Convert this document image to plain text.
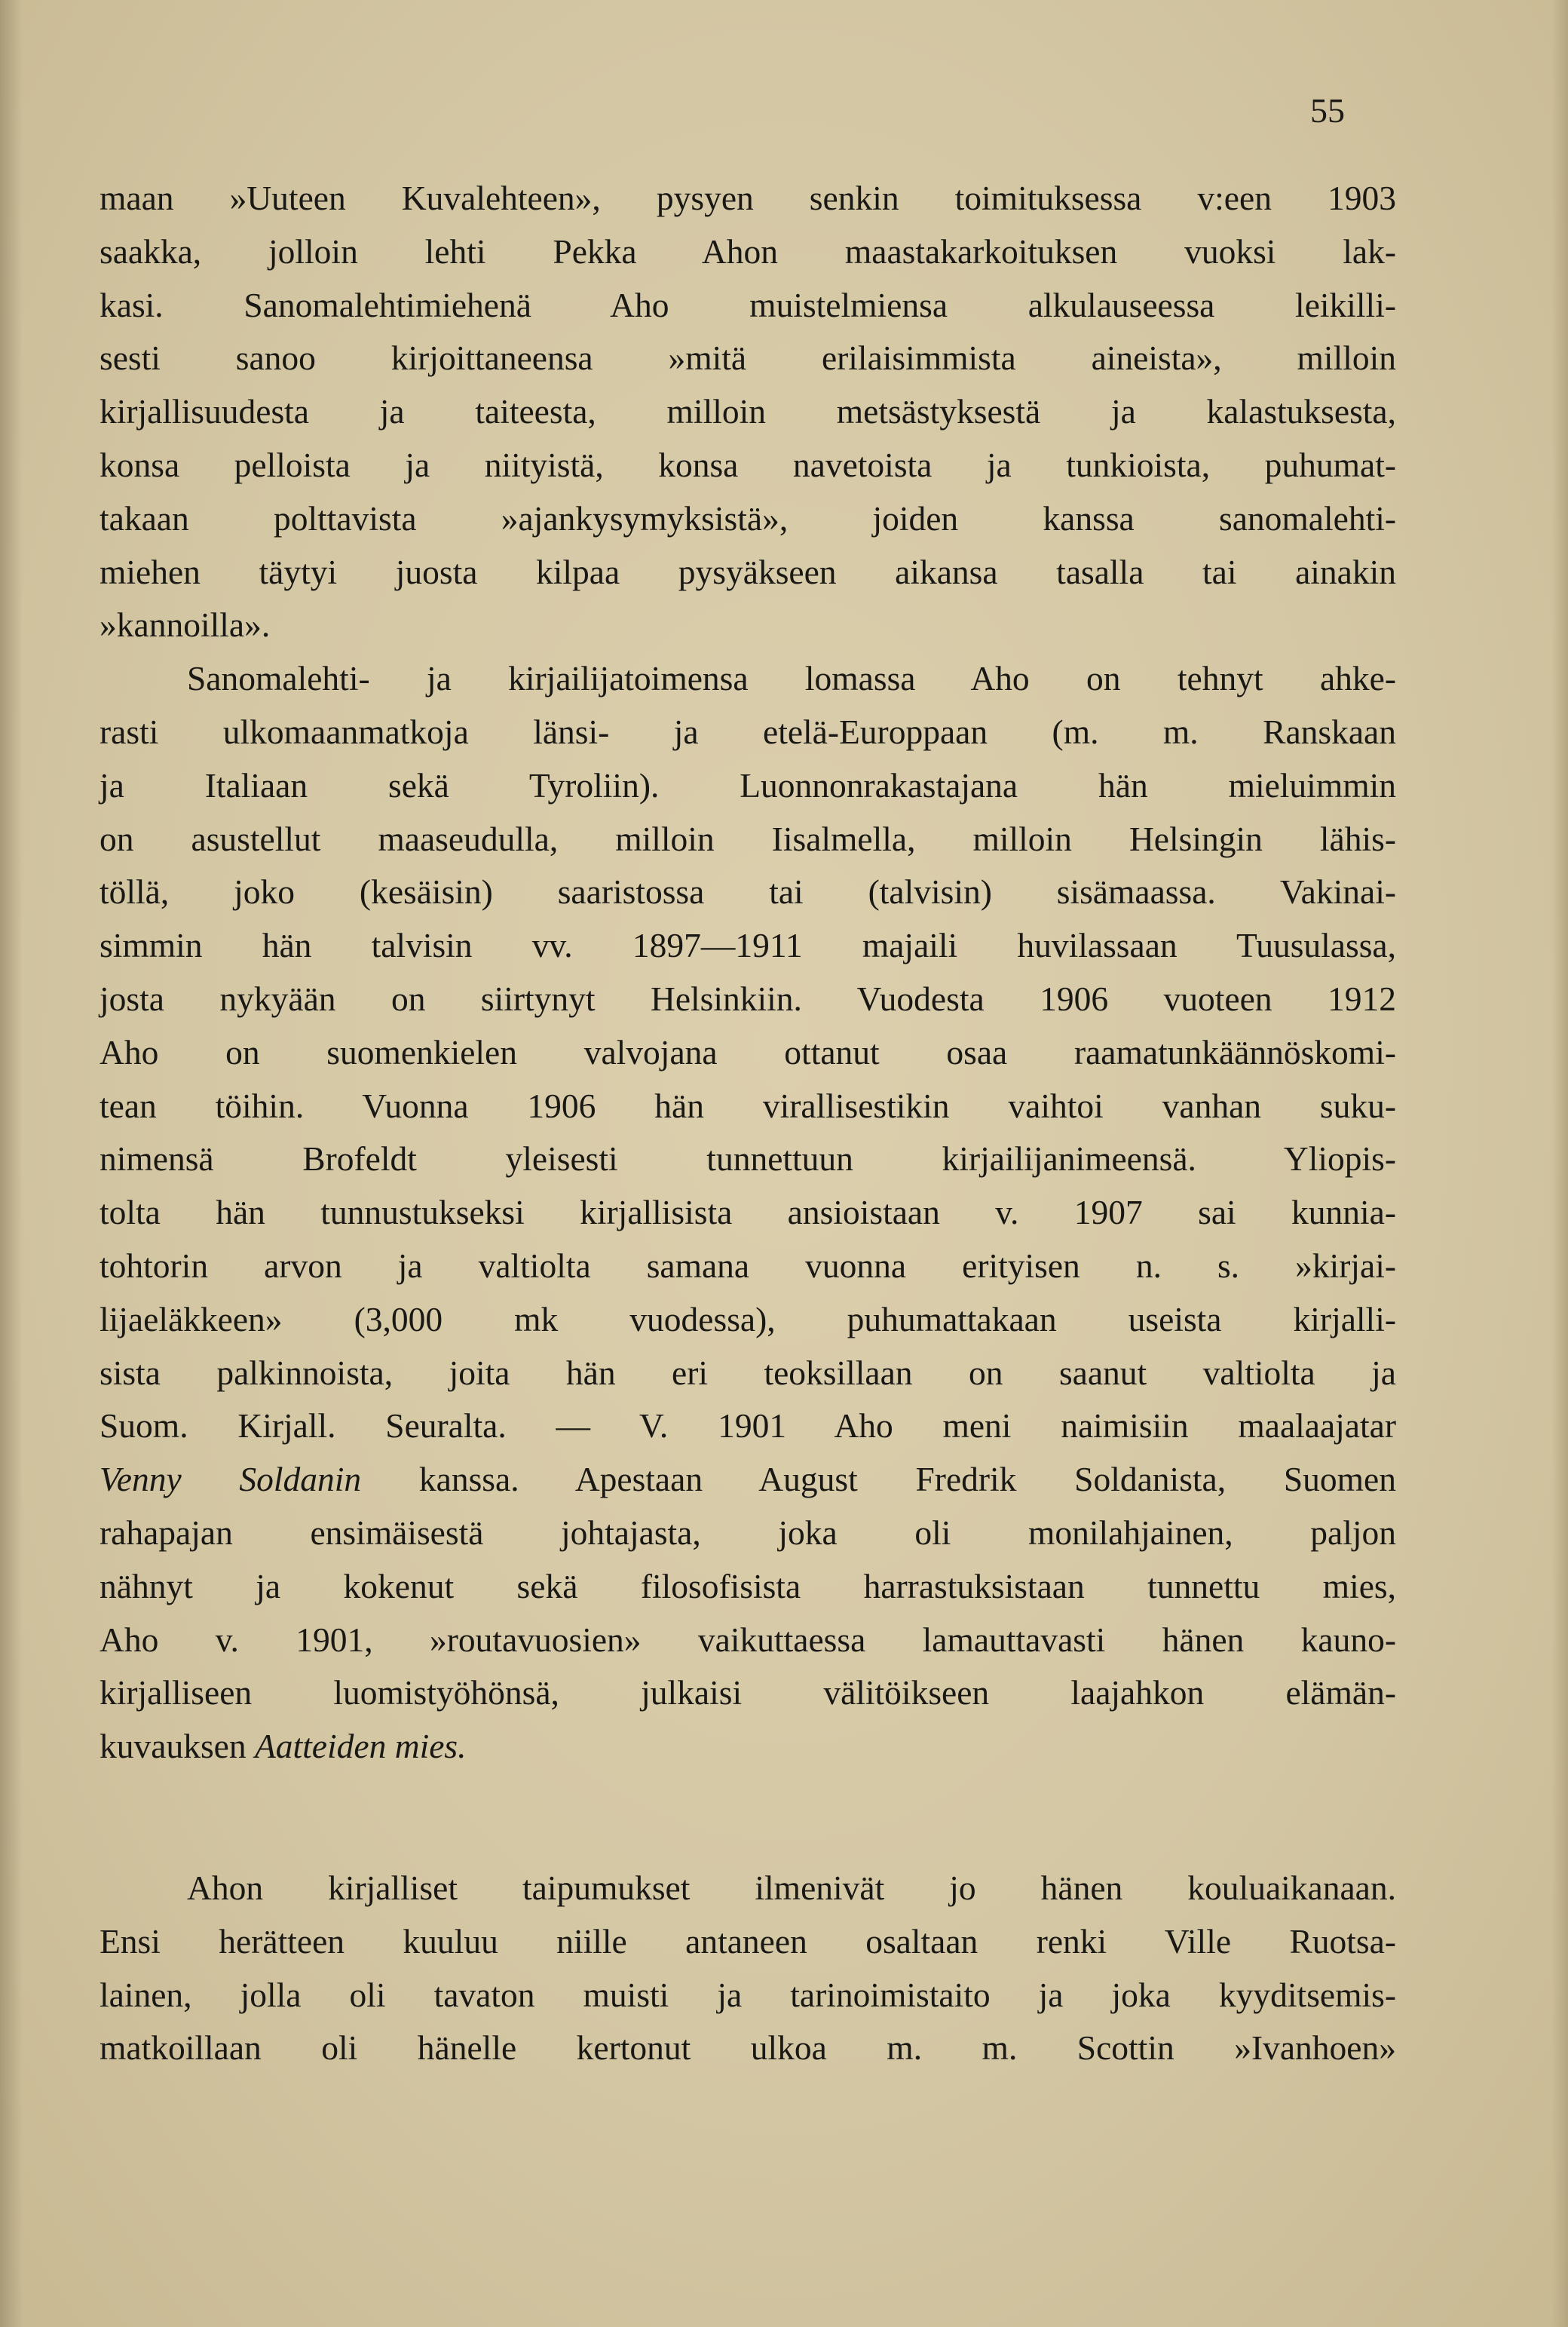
55
maan »Uuteen Kuvalehteen», pysyen senkin toimituksessa v:een 1903
saakka, jolloin lehti Pekka Ahon maastakarkoituksen vuoksi lak-
kasi. Sanomalehtimiehenä Aho muistelmiensa alkulauseessa leikilli-
sesti sanoo kirjoittaneensa »mitä erilaisimmista aineista», milloin
kirjallisuudesta ja taiteesta, milloin metsästyksestä ja kalastuksesta,
konsa pelloista ja niityistä, konsa navetoista ja tunkioista, puhumat-
takaan polttavista »ajankysymyksistä», joiden kanssa sanomalehti-
miehen täytyi juosta kilpaa pysyäkseen aikansa tasalla tai ainakin
»kannoilla».
Sanomalehti- ja kirjailijatoimensa lomassa Aho on tehnyt ahke-
rasti ulkomaanmatkoja länsi- ja etelä-Europpaan (m. m. Ranskaan
ja Italiaan sekä Tyroliin). Luonnonrakastajana hän mieluimmin
on asustellut maaseudulla, milloin Iisalmella, milloin Helsingin lähis-
töllä, joko (kesäisin) saaristossa tai (talvisin) sisämaassa. Vakinai-
simmin hän talvisin vv. 1897—1911 majaili huvilassaan Tuusulassa,
josta nykyään on siirtynyt Helsinkiin. Vuodesta 1906 vuoteen 1912
Aho on suomenkielen valvojana ottanut osaa raamatunkäännöskomi-
tean töihin. Vuonna 1906 hän virallisestikin vaihtoi vanhan suku-
nimensä Brofeldt yleisesti tunnettuun kirjailijanimeensä. Yliopis-
tolta hän tunnustukseksi kirjallisista ansioistaan v. 1907 sai kunnia-
tohtorin arvon ja valtiolta samana vuonna erityisen n. s. »kirjai-
lijaeläkkeen» (3,000 mk vuodessa), puhumattakaan useista kirjalli-
sista palkinnoista, joita hän eri teoksillaan on saanut valtiolta ja
Suom. Kirjall. Seuralta. — V. 1901 Aho meni naimisiin maalaajatar
Venny Soldanin kanssa. Apestaan August Fredrik Soldanista, Suomen
rahapajan ensimäisestä johtajasta, joka oli monilahjainen, paljon
nähnyt ja kokenut sekä filosofisista harrastuksistaan tunnettu mies,
Aho v. 1901, »routavuosien» vaikuttaessa lamauttavasti hänen kauno-
kirjalliseen luomistyöhönsä, julkaisi välitöikseen laajahkon elämän-
kuvauksen Aatteiden mies.
Ahon kirjalliset taipumukset ilmenivät jo hänen kouluaikanaan.
Ensi herätteen kuuluu niille antaneen osaltaan renki Ville Ruotsa-
lainen, jolla oli tavaton muisti ja tarinoimistaito ja joka kyyditsemis-
matkoillaan oli hänelle kertonut ulkoa m. m. Scottin »Ivanhoen»
